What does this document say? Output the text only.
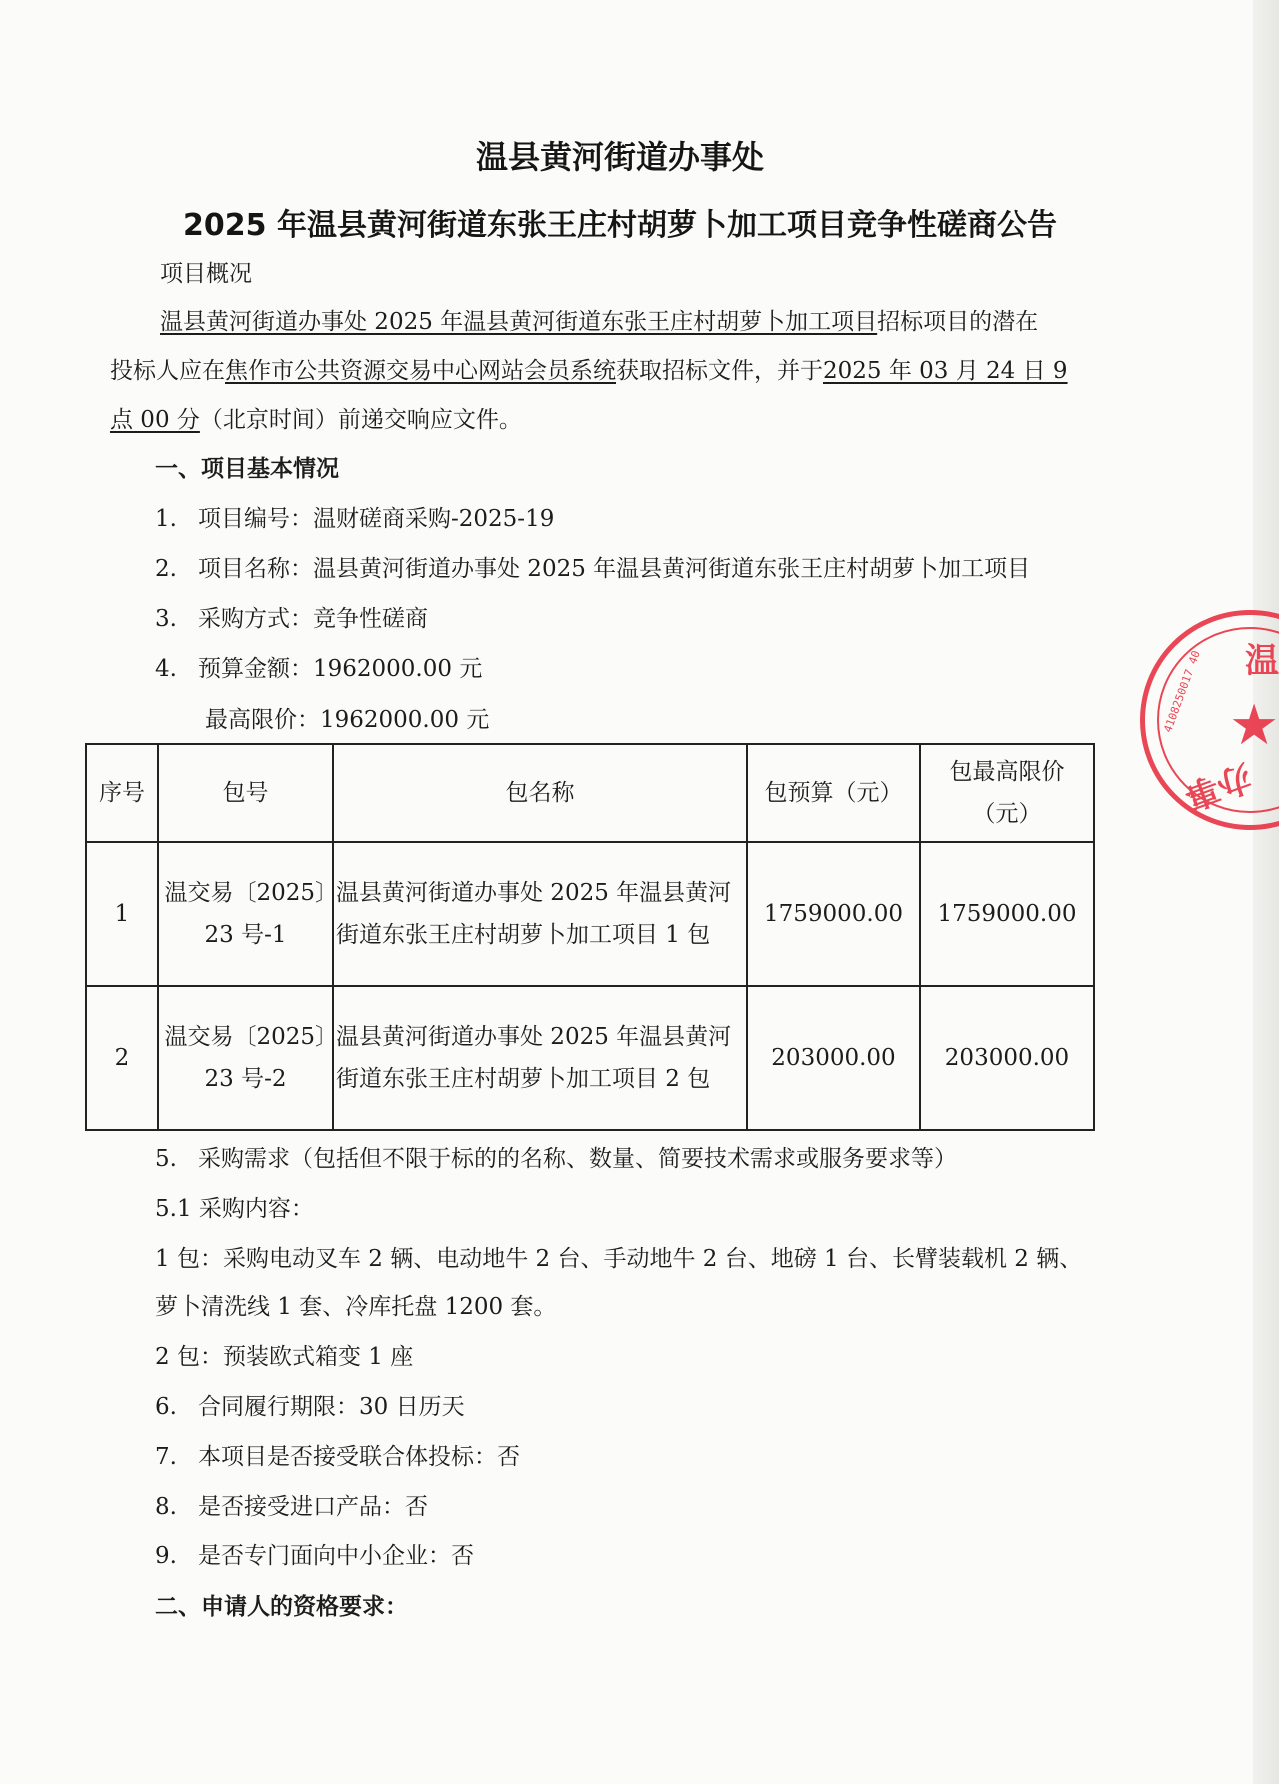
温县黄河街道办事处
2025 年温县黄河街道东张王庄村胡萝卜加工项目竞争性磋商公告
项目概况
温县黄河街道办事处 2025 年温县黄河街道东张王庄村胡萝卜加工项目招标项目的潜在
投标人应在焦作市公共资源交易中心网站会员系统获取招标文件，并于2025 年 03 月 24 日 9
点 00 分（北京时间）前递交响应文件。
一、项目基本情况
1. 项目编号：温财磋商采购-2025-19
2. 项目名称：温县黄河街道办事处 2025 年温县黄河街道东张王庄村胡萝卜加工项目
3. 采购方式：竞争性磋商
4. 预算金额：1962000.00 元
最高限价：1962000.00 元
序号	包号	包名称	包预算（元）	包最高限价（元）
1	温交易〔2025〕23 号-1	温县黄河街道办事处 2025 年温县黄河街道东张王庄村胡萝卜加工项目 1 包	1759000.00	1759000.00
2	温交易〔2025〕23 号-2	温县黄河街道办事处 2025 年温县黄河街道东张王庄村胡萝卜加工项目 2 包	203000.00	203000.00
5. 采购需求（包括但不限于标的的名称、数量、简要技术需求或服务要求等）
5.1 采购内容：
1 包：采购电动叉车 2 辆、电动地牛 2 台、手动地牛 2 台、地磅 1 台、长臂装载机 2 辆、
萝卜清洗线 1 套、冷库托盘 1200 套。
2 包：预装欧式箱变 1 座
6. 合同履行期限：30 日历天
7. 本项目是否接受联合体投标：否
8. 是否接受进口产品：否
9. 是否专门面向中小企业：否
二、申请人的资格要求：
★
温
办事
4108250017 40
